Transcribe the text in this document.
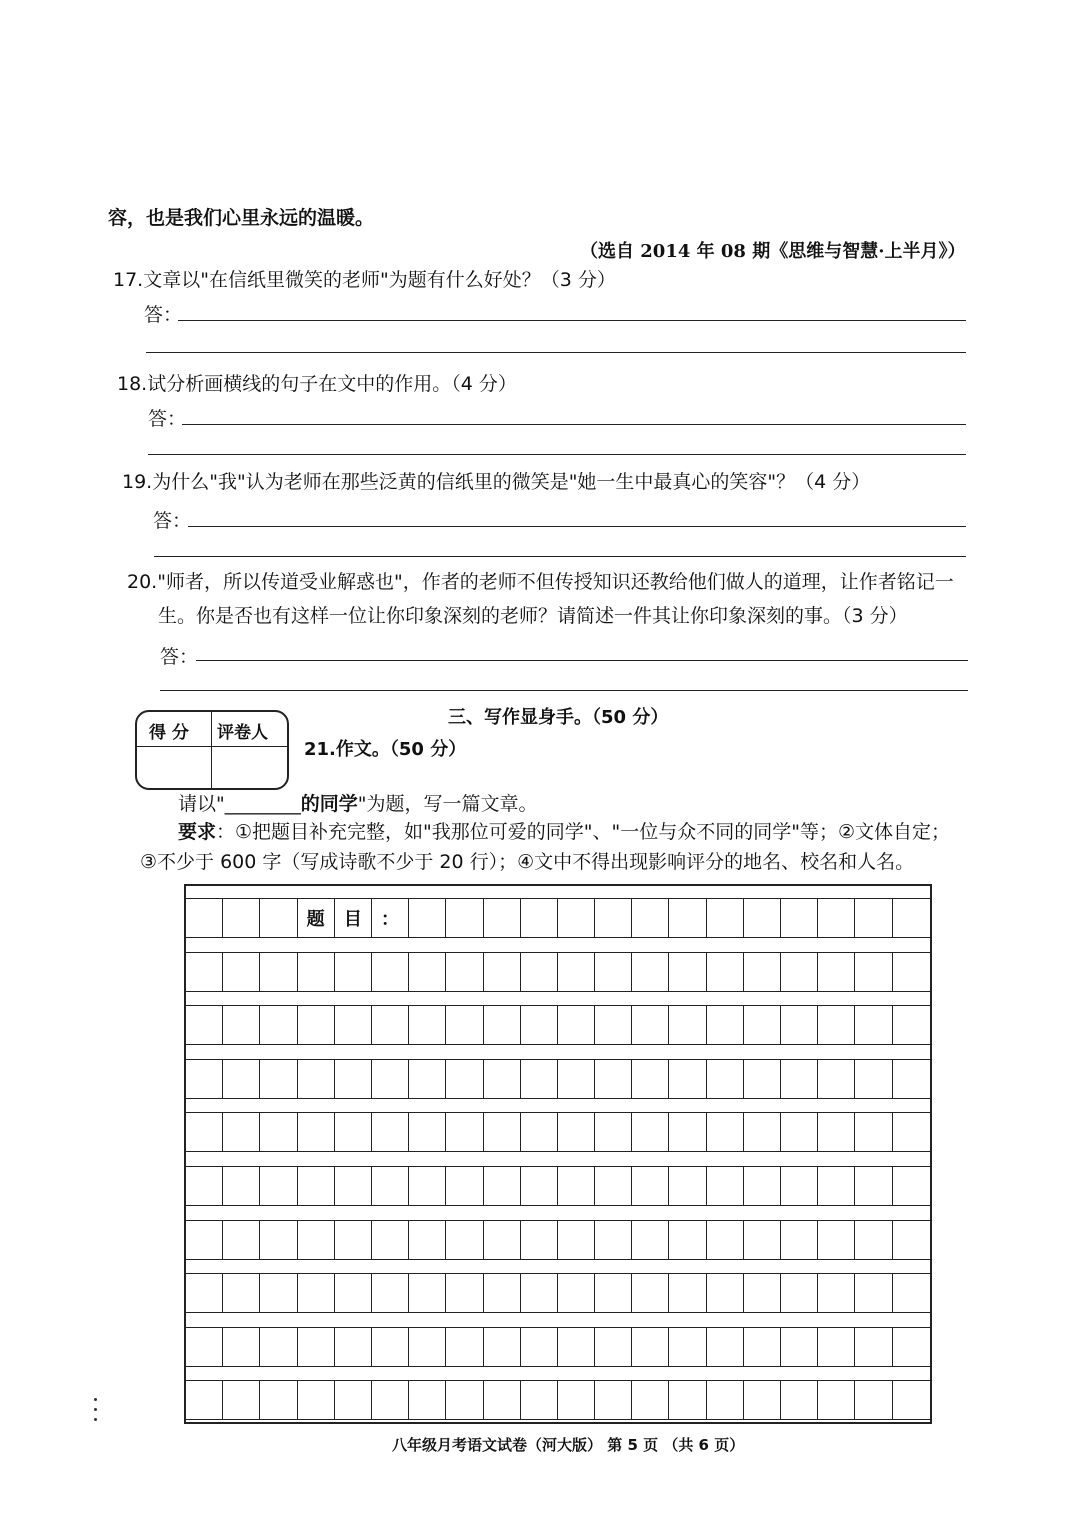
容，也是我们心里永远的温暖。
（选自 2014 年 08 期《思维与智慧·上半月》）
17.文章以"在信纸里微笑的老师"为题有什么好处？（3 分）
答：
18.试分析画横线的句子在文中的作用。（4 分）
答：
19.为什么"我"认为老师在那些泛黄的信纸里的微笑是"她一生中最真心的笑容"？（4 分）
答：
20."师者，所以传道受业解惑也"，作者的老师不但传授知识还教给他们做人的道理，让作者铭记一
生。你是否也有这样一位让你印象深刻的老师？请简述一件其让你印象深刻的事。（3 分）
答：
三、写作显身手。（50 分）
得 分 评卷人
21.作文。（50 分）
请以"________的同学"为题，写一篇文章。
要求：①把题目补充完整，如"我那位可爱的同学"、"一位与众不同的同学"等；②文体自定；
③不少于 600 字（写成诗歌不少于 20 行）；④文中不得出现影响评分的地名、校名和人名。
题	目	：
八年级月考语文试卷（河大版） 第 5 页 （共 6 页）
